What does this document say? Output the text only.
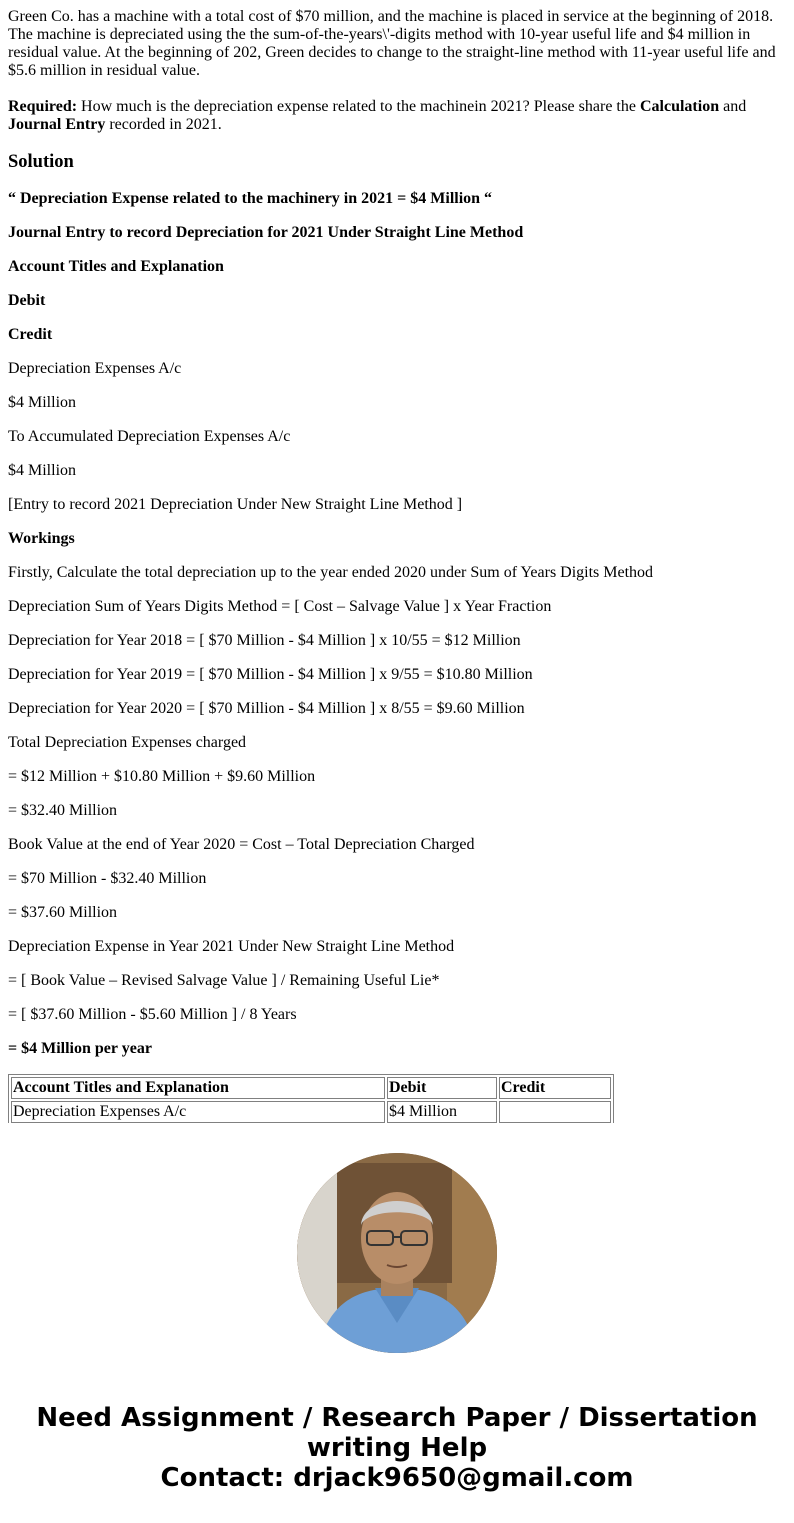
Green Co. has a machine with a total cost of $70 million, and the machine is placed in service at the beginning of 2018. The machine is depreciated using the the sum-of-the-years\'-digits method with 10-year useful life and $4 million in residual value. At the beginning of 202, Green decides to change to the straight-line method with 11-year useful life and $5.6 million in residual value.

Required: How much is the depreciation expense related to the machinein 2021? Please share the Calculation and
Journal Entry recorded in 2021.

Solution
“ Depreciation Expense related to the machinery in 2021 = $4 Million “
Journal Entry to record Depreciation for 2021 Under Straight Line Method
Account Titles and Explanation
Debit
Credit
Depreciation Expenses A/c
$4 Million
To Accumulated Depreciation Expenses A/c
$4 Million
[Entry to record 2021 Depreciation Under New Straight Line Method ]
Workings
Firstly, Calculate the total depreciation up to the year ended 2020 under Sum of Years Digits Method
Depreciation Sum of Years Digits Method = [ Cost – Salvage Value ] x Year Fraction
Depreciation for Year 2018 = [ $70 Million - $4 Million ] x 10/55 = $12 Million
Depreciation for Year 2019 = [ $70 Million - $4 Million ] x 9/55 = $10.80 Million
Depreciation for Year 2020 = [ $70 Million - $4 Million ] x 8/55 = $9.60 Million
Total Depreciation Expenses charged
= $12 Million + $10.80 Million + $9.60 Million
= $32.40 Million
Book Value at the end of Year 2020 = Cost – Total Depreciation Charged
= $70 Million - $32.40 Million
= $37.60 Million
Depreciation Expense in Year 2021 Under New Straight Line Method
= [ Book Value – Revised Salvage Value ] / Remaining Useful Lie*
= [ $37.60 Million - $5.60 Million ] / 8 Years
= $4 Million per year
Account Titles and Explanation	Debit	Credit
Depreciation Expenses A/c	$4 Million	
Need Assignment / Research Paper / Dissertation
writing Help
Contact: drjack9650@gmail.com
